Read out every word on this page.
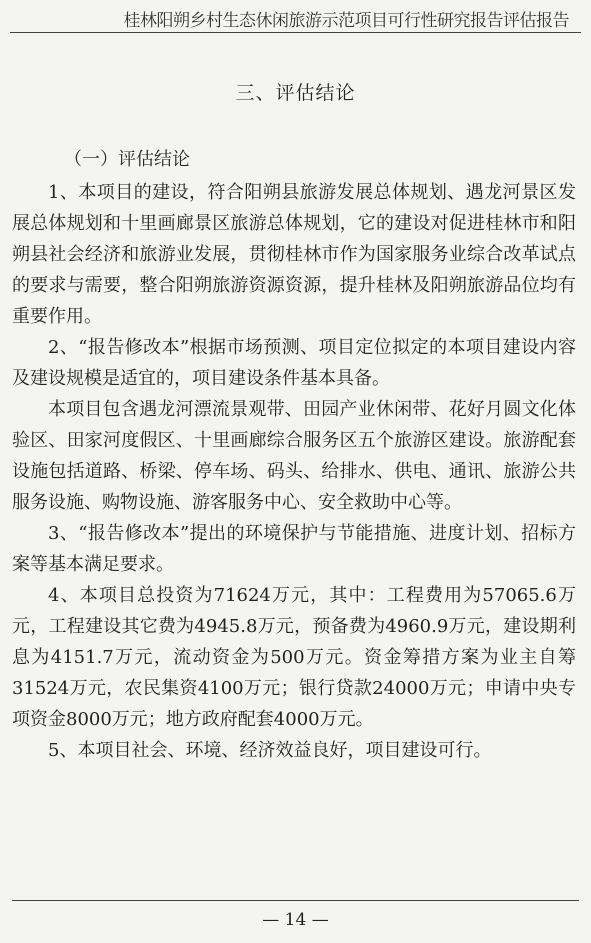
桂林阳朔乡村生态休闲旅游示范项目可行性研究报告评估报告
三、评估结论

（一）评估结论

1、本项目的建设，符合阳朔县旅游发展总体规划、遇龙河景区发展总体规划和十里画廊景区旅游总体规划，它的建设对促进桂林市和阳朔县社会经济和旅游业发展，贯彻桂林市作为国家服务业综合改革试点的要求与需要，整合阳朔旅游资源资源，提升桂林及阳朔旅游品位均有重要作用。

2、“报告修改本”根据市场预测、项目定位拟定的本项目建设内容及建设规模是适宜的，项目建设条件基本具备。

本项目包含遇龙河漂流景观带、田园产业休闲带、花好月圆文化体验区、田家河度假区、十里画廊综合服务区五个旅游区建设。旅游配套设施包括道路、桥梁、停车场、码头、给排水、供电、通讯、旅游公共服务设施、购物设施、游客服务中心、安全救助中心等。

3、“报告修改本”提出的环境保护与节能措施、进度计划、招标方案等基本满足要求。

4、本项目总投资为71624万元，其中：工程费用为57065.6万元，工程建设其它费为4945.8万元，预备费为4960.9万元，建设期利息为4151.7万元，流动资金为500万元。资金筹措方案为业主自筹31524万元，农民集资4100万元；银行贷款24000万元；申请中央专项资金8000万元；地方政府配套4000万元。

5、本项目社会、环境、经济效益良好，项目建设可行。

— 14 —
